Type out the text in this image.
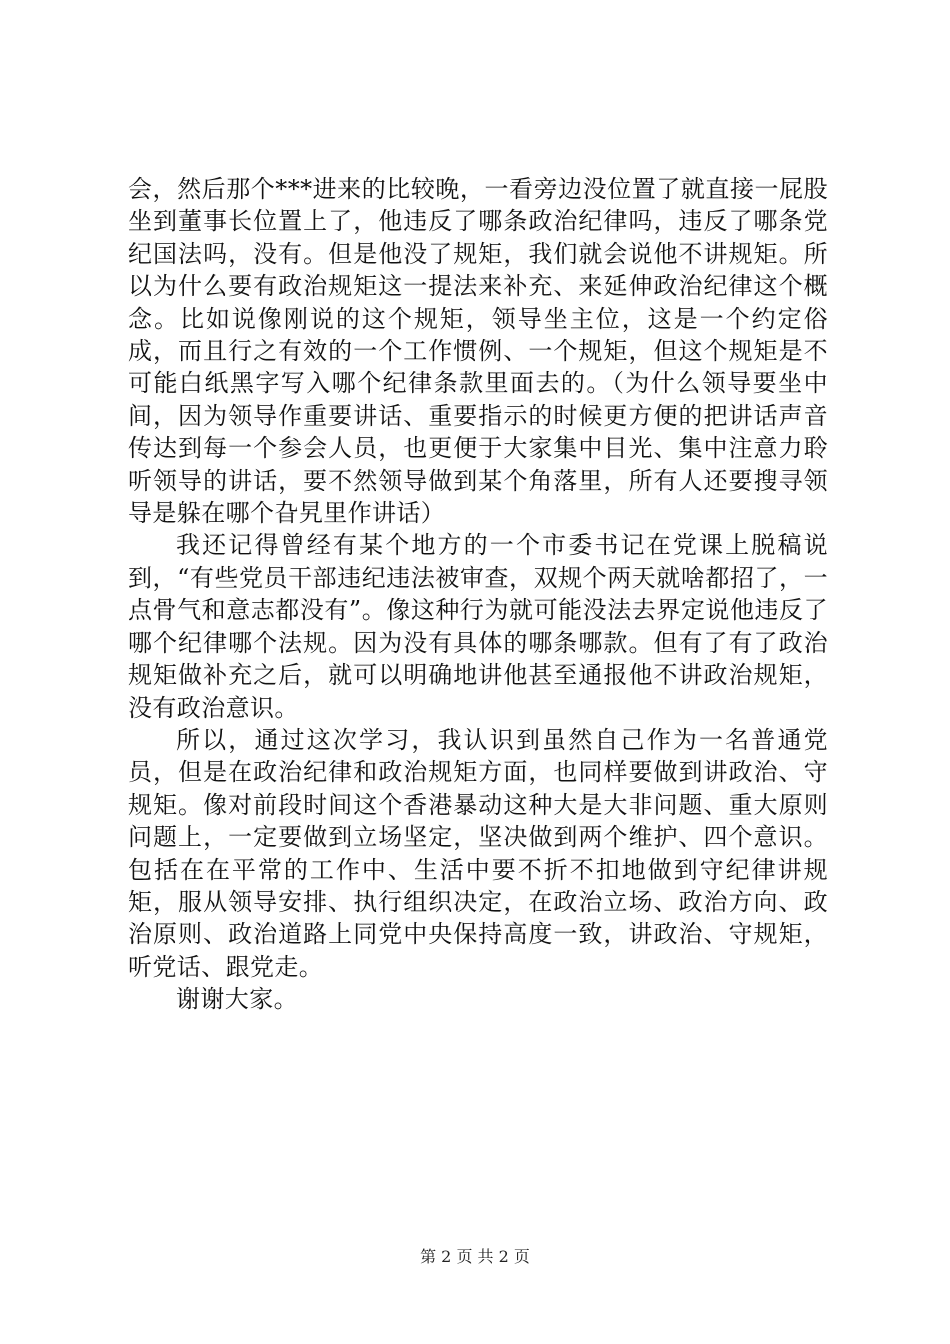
会，然后那个***进来的比较晚，一看旁边没位置了就直接一屁股坐到董事长位置上了，他违反了哪条政治纪律吗，违反了哪条党纪国法吗，没有。但是他没了规矩，我们就会说他不讲规矩。所以为什么要有政治规矩这一提法来补充、来延伸政治纪律这个概念。比如说像刚说的这个规矩，领导坐主位，这是一个约定俗成，而且行之有效的一个工作惯例、一个规矩，但这个规矩是不可能白纸黑字写入哪个纪律条款里面去的。（为什么领导要坐中间，因为领导作重要讲话、重要指示的时候更方便的把讲话声音传达到每一个参会人员，也更便于大家集中目光、集中注意力聆听领导的讲话，要不然领导做到某个角落里，所有人还要搜寻领导是躲在哪个旮旯里作讲话）

我还记得曾经有某个地方的一个市委书记在党课上脱稿说到，“有些党员干部违纪违法被审查，双规个两天就啥都招了，一点骨气和意志都没有”。像这种行为就可能没法去界定说他违反了哪个纪律哪个法规。因为没有具体的哪条哪款。但有了有了政治规矩做补充之后，就可以明确地讲他甚至通报他不讲政治规矩，没有政治意识。

所以，通过这次学习，我认识到虽然自己作为一名普通党员，但是在政治纪律和政治规矩方面，也同样要做到讲政治、守规矩。像对前段时间这个香港暴动这种大是大非问题、重大原则问题上，一定要做到立场坚定，坚决做到两个维护、四个意识。包括在在平常的工作中、生活中要不折不扣地做到守纪律讲规矩，服从领导安排、执行组织决定，在政治立场、政治方向、政治原则、政治道路上同党中央保持高度一致，讲政治、守规矩，听党话、跟党走。

谢谢大家。

第 2 页 共 2 页
